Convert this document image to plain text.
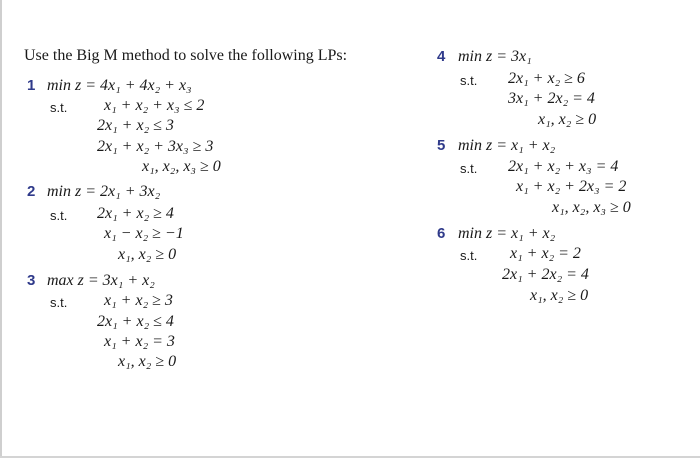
Use the Big M method to solve the following LPs:
1 min z = 4x₁ + 4x₂ + x₃
s.t. x₁ + x₂ + x₃ ≤ 2
2x₁ + x₂ ≤ 3
2x₁ + x₂ + 3x₃ ≥ 3
x₁, x₂, x₃ ≥ 0
2 min z = 2x₁ + 3x₂
s.t. 2x₁ + x₂ ≥ 4
x₁ − x₂ ≥ −1
x₁, x₂ ≥ 0
3 max z = 3x₁ + x₂
s.t. x₁ + x₂ ≥ 3
2x₁ + x₂ ≤ 4
x₁ + x₂ = 3
x₁, x₂ ≥ 0
4 min z = 3x₁
s.t. 2x₁ + x₂ ≥ 6
3x₁ + 2x₂ = 4
x₁, x₂ ≥ 0
5 min z = x₁ + x₂
s.t. 2x₁ + x₂ + x₃ = 4
x₁ + x₂ + 2x₃ = 2
x₁, x₂, x₃ ≥ 0
6 min z = x₁ + x₂
s.t. x₁ + x₂ = 2
2x₁ + 2x₂ = 4
x₁, x₂ ≥ 0
